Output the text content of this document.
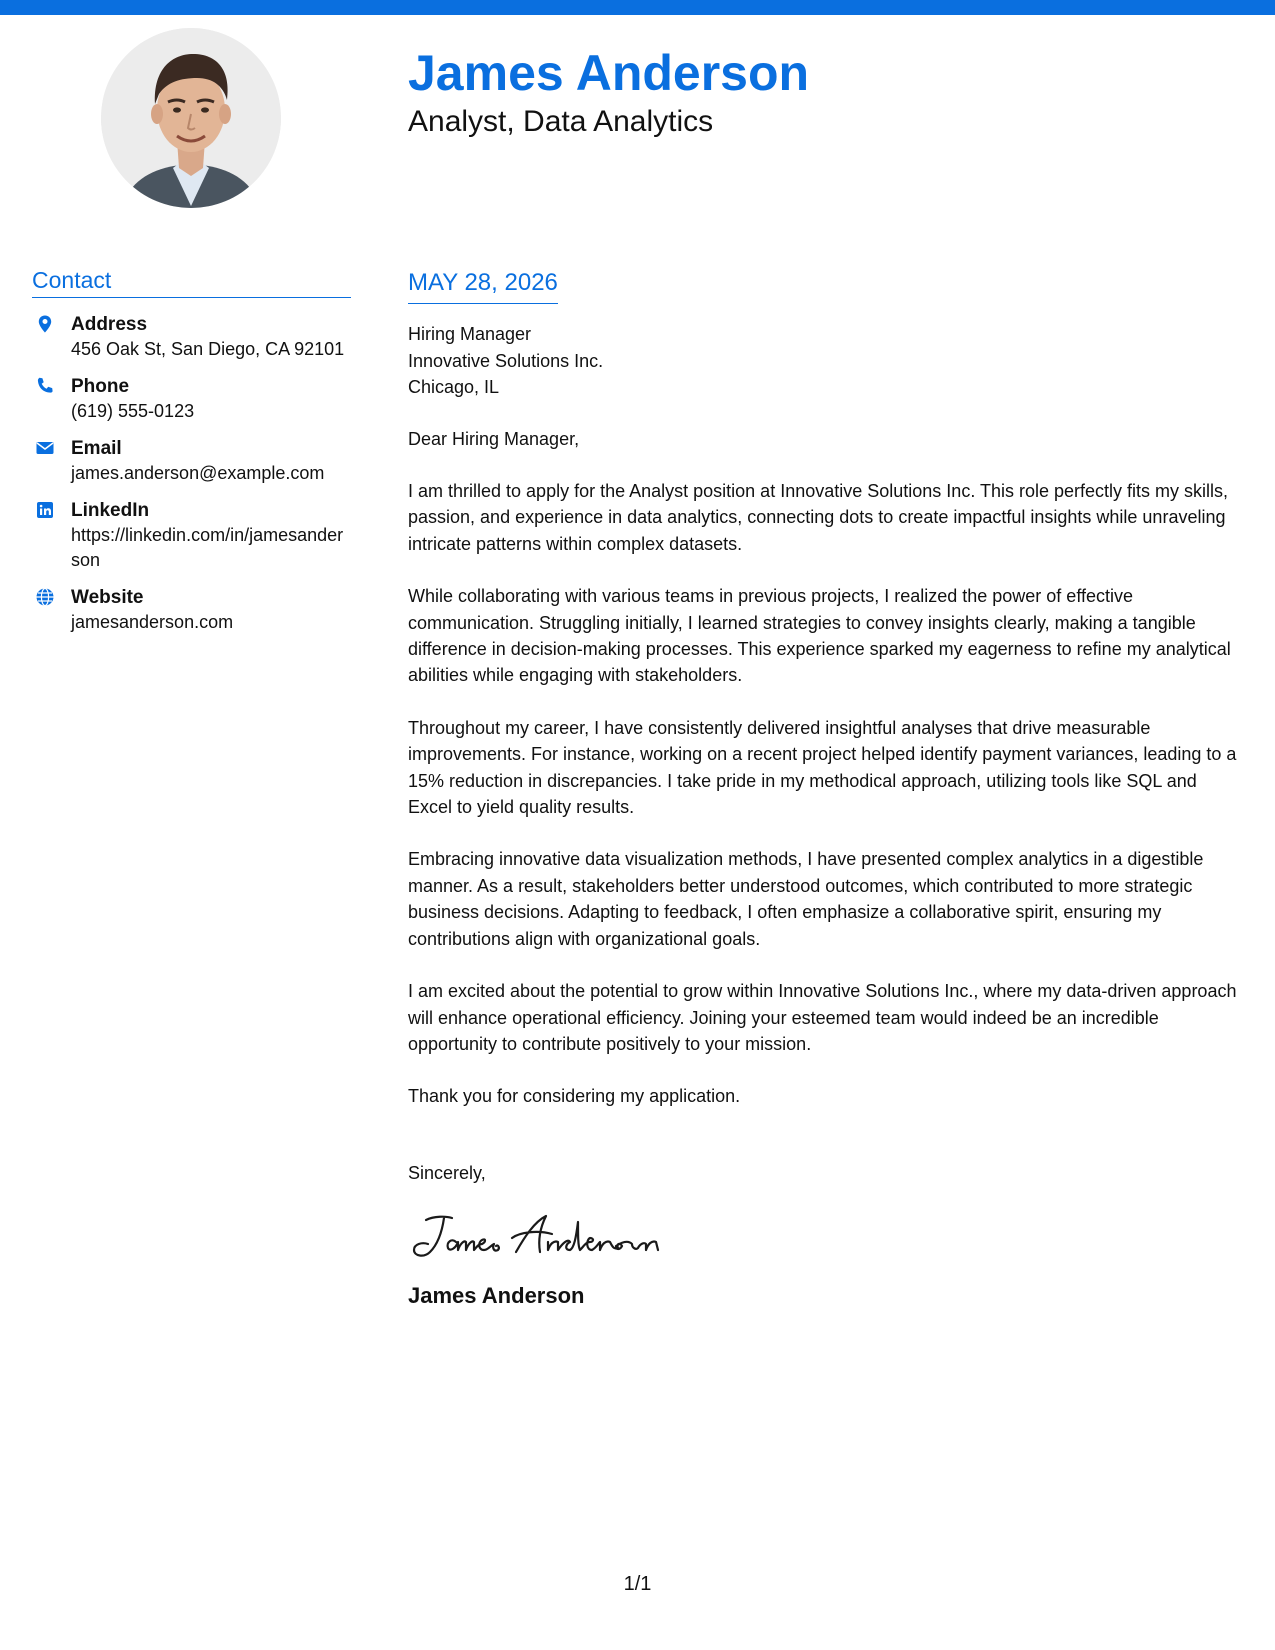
James Anderson
Analyst, Data Analytics
Contact
Address
456 Oak St, San Diego, CA 92101
Phone
(619) 555-0123
Email
james.anderson@example.com
LinkedIn
https://linkedin.com/in/jamesanderson
Website
jamesanderson.com
MAY 28, 2026
Hiring Manager
Innovative Solutions Inc.
Chicago, IL
Dear Hiring Manager,
I am thrilled to apply for the Analyst position at Innovative Solutions Inc. This role perfectly fits my skills, passion, and experience in data analytics, connecting dots to create impactful insights while unraveling intricate patterns within complex datasets.
While collaborating with various teams in previous projects, I realized the power of effective communication. Struggling initially, I learned strategies to convey insights clearly, making a tangible difference in decision-making processes. This experience sparked my eagerness to refine my analytical abilities while engaging with stakeholders.
Throughout my career, I have consistently delivered insightful analyses that drive measurable improvements. For instance, working on a recent project helped identify payment variances, leading to a 15% reduction in discrepancies. I take pride in my methodical approach, utilizing tools like SQL and Excel to yield quality results.
Embracing innovative data visualization methods, I have presented complex analytics in a digestible manner. As a result, stakeholders better understood outcomes, which contributed to more strategic business decisions. Adapting to feedback, I often emphasize a collaborative spirit, ensuring my contributions align with organizational goals.
I am excited about the potential to grow within Innovative Solutions Inc., where my data-driven approach will enhance operational efficiency. Joining your esteemed team would indeed be an incredible opportunity to contribute positively to your mission.
Thank you for considering my application.
Sincerely,
James Anderson
1/1
